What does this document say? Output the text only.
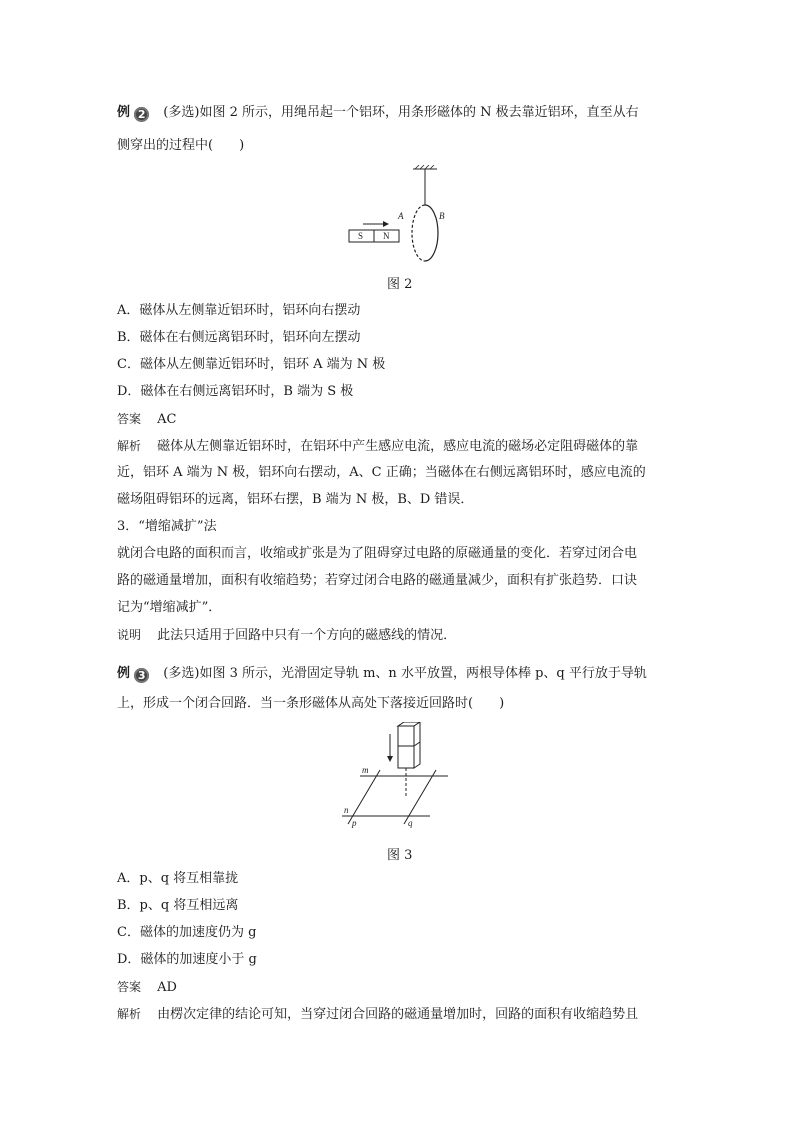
例 2 (多选)如图 2 所示，用绳吊起一个铝环，用条形磁体的 N 极去靠近铝环，直至从右
侧穿出的过程中(　　)
S N
A	B
图 2
A．磁体从左侧靠近铝环时，铝环向右摆动
B．磁体在右侧远离铝环时，铝环向左摆动
C．磁体从左侧靠近铝环时，铝环 A 端为 N 极
D．磁体在右侧远离铝环时，B 端为 S 极
答案 AC
解析 磁体从左侧靠近铝环时，在铝环中产生感应电流，感应电流的磁场必定阻碍磁体的靠
近，铝环 A 端为 N 极，铝环向右摆动，A、C 正确；当磁体在右侧远离铝环时，感应电流的
磁场阻碍铝环的远离，铝环右摆，B 端为 N 极，B、D 错误．
3．“增缩减扩”法
就闭合电路的面积而言，收缩或扩张是为了阻碍穿过电路的原磁通量的变化．若穿过闭合电
路的磁通量增加，面积有收缩趋势；若穿过闭合电路的磁通量减少，面积有扩张趋势．口诀
记为“增缩减扩”．
说明 此法只适用于回路中只有一个方向的磁感线的情况．
例 3 (多选)如图 3 所示，光滑固定导轨 m、n 水平放置，两根导体棒 p、q 平行放于导轨
上，形成一个闭合回路．当一条形磁体从高处下落接近回路时(　　)
m
n
p	q
图 3
A．p、q 将互相靠拢
B．p、q 将互相远离
C．磁体的加速度仍为 g
D．磁体的加速度小于 g
答案 AD
解析 由楞次定律的结论可知，当穿过闭合回路的磁通量增加时，回路的面积有收缩趋势且
